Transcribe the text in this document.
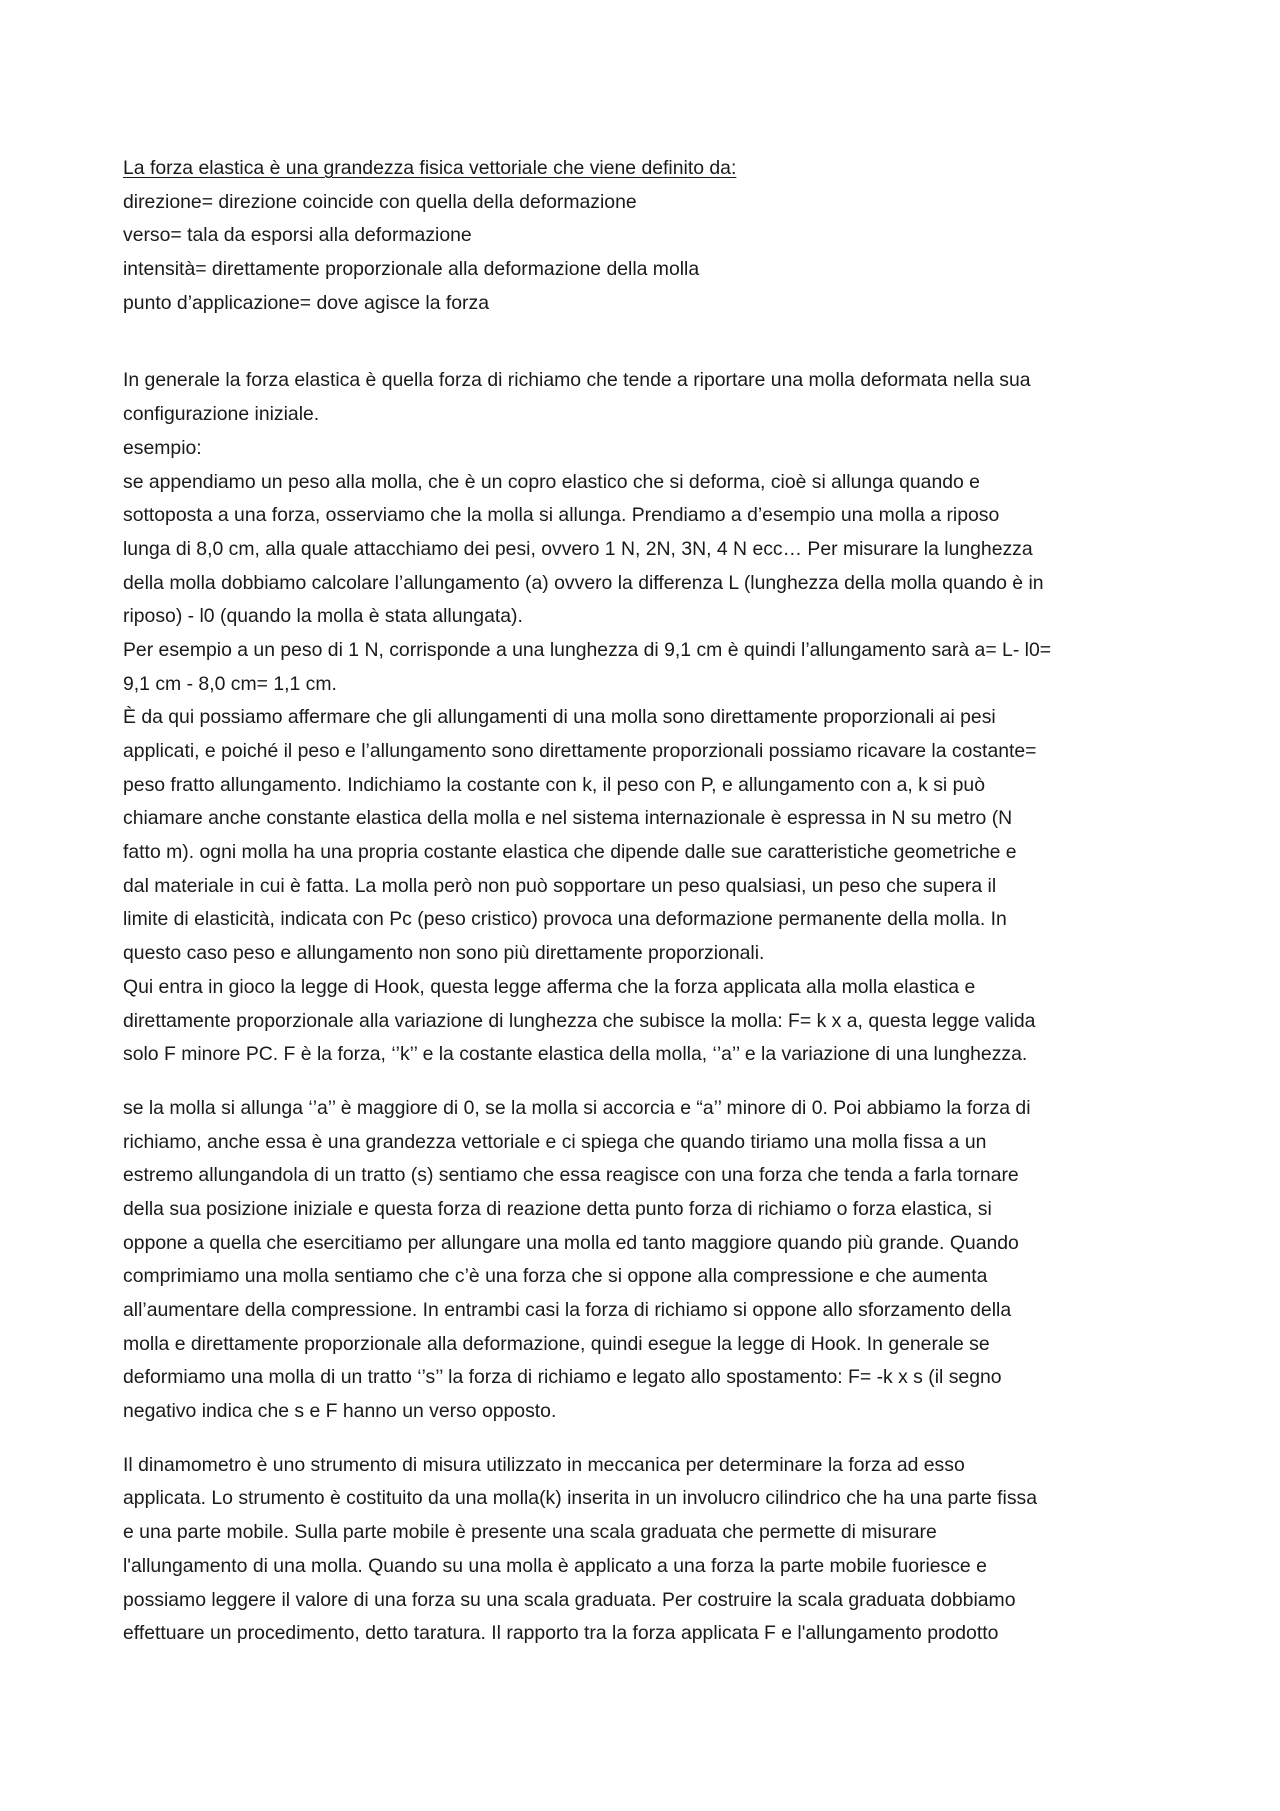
La forza elastica è una grandezza fisica vettoriale che viene definito da:
direzione= direzione coincide con quella della deformazione
verso= tala da esporsi alla deformazione
intensità= direttamente proporzionale alla deformazione della molla
punto d’applicazione= dove agisce la forza
In generale la forza elastica è quella forza di richiamo che tende a riportare una molla deformata nella sua
configurazione iniziale.
esempio:
se appendiamo un peso alla molla, che è un copro elastico che si deforma, cioè si allunga quando e
sottoposta a una forza, osserviamo che la molla si allunga. Prendiamo a d’esempio una molla a riposo
lunga di 8,0 cm, alla quale attacchiamo dei pesi, ovvero 1 N, 2N, 3N, 4 N ecc… Per misurare la lunghezza
della molla dobbiamo calcolare l’allungamento (a) ovvero la differenza L (lunghezza della molla quando è in
riposo) - l0 (quando la molla è stata allungata).
Per esempio a un peso di 1 N, corrisponde a una lunghezza di 9,1 cm è quindi l’allungamento sarà a= L- l0=
9,1 cm - 8,0 cm= 1,1 cm.
È da qui possiamo affermare che gli allungamenti di una molla sono direttamente proporzionali ai pesi
applicati, e poiché il peso e l’allungamento sono direttamente proporzionali possiamo ricavare la costante=
peso fratto allungamento. Indichiamo la costante con k, il peso con P, e allungamento con a, k si può
chiamare anche constante elastica della molla e nel sistema internazionale è espressa in N su metro (N
fatto m). ogni molla ha una propria costante elastica che dipende dalle sue caratteristiche geometriche e
dal materiale in cui è fatta. La molla però non può sopportare un peso qualsiasi, un peso che supera il
limite di elasticità, indicata con Pc (peso cristico) provoca una deformazione permanente della molla. In
questo caso peso e allungamento non sono più direttamente proporzionali.
Qui entra in gioco la legge di Hook, questa legge afferma che la forza applicata alla molla elastica e
direttamente proporzionale alla variazione di lunghezza che subisce la molla: F= k x a, questa legge valida
solo F minore PC. F è la forza, ‘’k’’ e la costante elastica della molla, ‘’a’’ e la variazione di una lunghezza.
se la molla si allunga ‘’a’’ è maggiore di 0, se la molla si accorcia e “a’’ minore di 0. Poi abbiamo la forza di
richiamo, anche essa è una grandezza vettoriale e ci spiega che quando tiriamo una molla fissa a un
estremo allungandola di un tratto (s) sentiamo che essa reagisce con una forza che tenda a farla tornare
della sua posizione iniziale e questa forza di reazione detta punto forza di richiamo o forza elastica, si
oppone a quella che esercitiamo per allungare una molla ed tanto maggiore quando più grande. Quando
comprimiamo una molla sentiamo che c’è una forza che si oppone alla compressione e che aumenta
all’aumentare della compressione. In entrambi casi la forza di richiamo si oppone allo sforzamento della
molla e direttamente proporzionale alla deformazione, quindi esegue la legge di Hook. In generale se
deformiamo una molla di un tratto ‘’s’’ la forza di richiamo e legato allo spostamento: F= -k x s (il segno
negativo indica che s e F hanno un verso opposto.
Il dinamometro è uno strumento di misura utilizzato in meccanica per determinare la forza ad esso
applicata. Lo strumento è costituito da una molla(k) inserita in un involucro cilindrico che ha una parte fissa
e una parte mobile. Sulla parte mobile è presente una scala graduata che permette di misurare
l'allungamento di una molla. Quando su una molla è applicato a una forza la parte mobile fuoriesce e
possiamo leggere il valore di una forza su una scala graduata. Per costruire la scala graduata dobbiamo
effettuare un procedimento, detto taratura. Il rapporto tra la forza applicata F e l'allungamento prodotto
